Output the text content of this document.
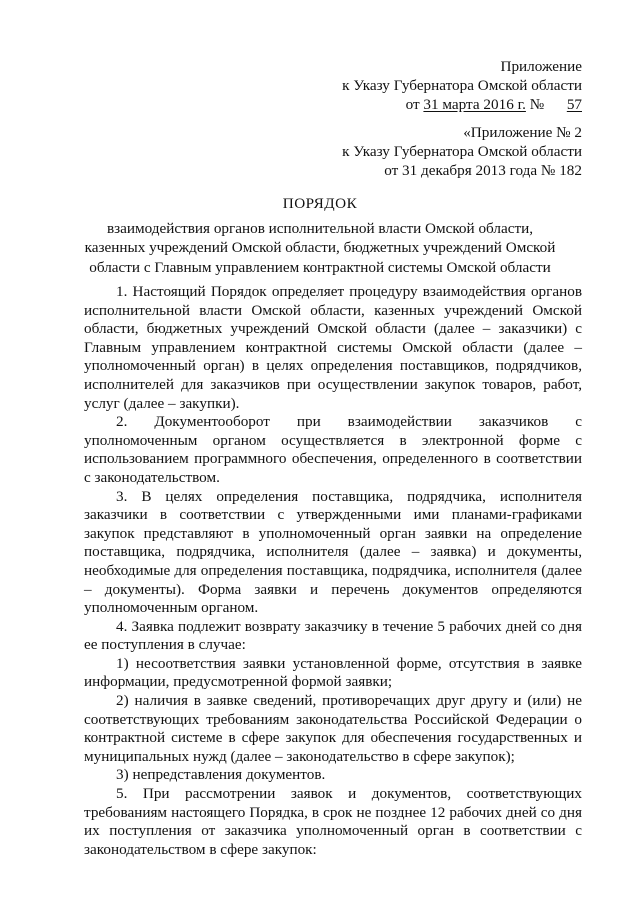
Приложение
к Указу Губернатора Омской области
от 31 марта 2016 г. № 57
«Приложение № 2
к Указу Губернатора Омской области
от 31 декабря 2013 года № 182
ПОРЯДОК
взаимодействия органов исполнительной власти Омской области,
казенных учреждений Омской области, бюджетных учреждений Омской
области с Главным управлением контрактной системы Омской области

1. Настоящий Порядок определяет процедуру взаимодействия органов исполнительной власти Омской области, казенных учреждений Омской области, бюджетных учреждений Омской области (далее – заказчики) с Главным управлением контрактной системы Омской области (далее – уполномоченный орган) в целях определения поставщиков, подрядчиков, исполнителей для заказчиков при осуществлении закупок товаров, работ, услуг (далее – закупки).

2. Документооборот при взаимодействии заказчиков с уполномоченным органом осуществляется в электронной форме с использованием программного обеспечения, определенного в соответствии с законодательством.

3. В целях определения поставщика, подрядчика, исполнителя заказчики в соответствии с утвержденными ими планами-графиками закупок представляют в уполномоченный орган заявки на определение поставщика, подрядчика, исполнителя (далее – заявка) и документы, необходимые для определения поставщика, подрядчика, исполнителя (далее – документы). Форма заявки и перечень документов определяются уполномоченным органом.

4. Заявка подлежит возврату заказчику в течение 5 рабочих дней со дня ее поступления в случае:

1) несоответствия заявки установленной форме, отсутствия в заявке информации, предусмотренной формой заявки;

2) наличия в заявке сведений, противоречащих друг другу и (или) не соответствующих требованиям законодательства Российской Федерации о контрактной системе в сфере закупок для обеспечения государственных и муниципальных нужд (далее – законодательство в сфере закупок);

3) непредставления документов.

5. При рассмотрении заявок и документов, соответствующих требованиям настоящего Порядка, в срок не позднее 12 рабочих дней со дня их поступления от заказчика уполномоченный орган в соответствии с законодательством в сфере закупок:
